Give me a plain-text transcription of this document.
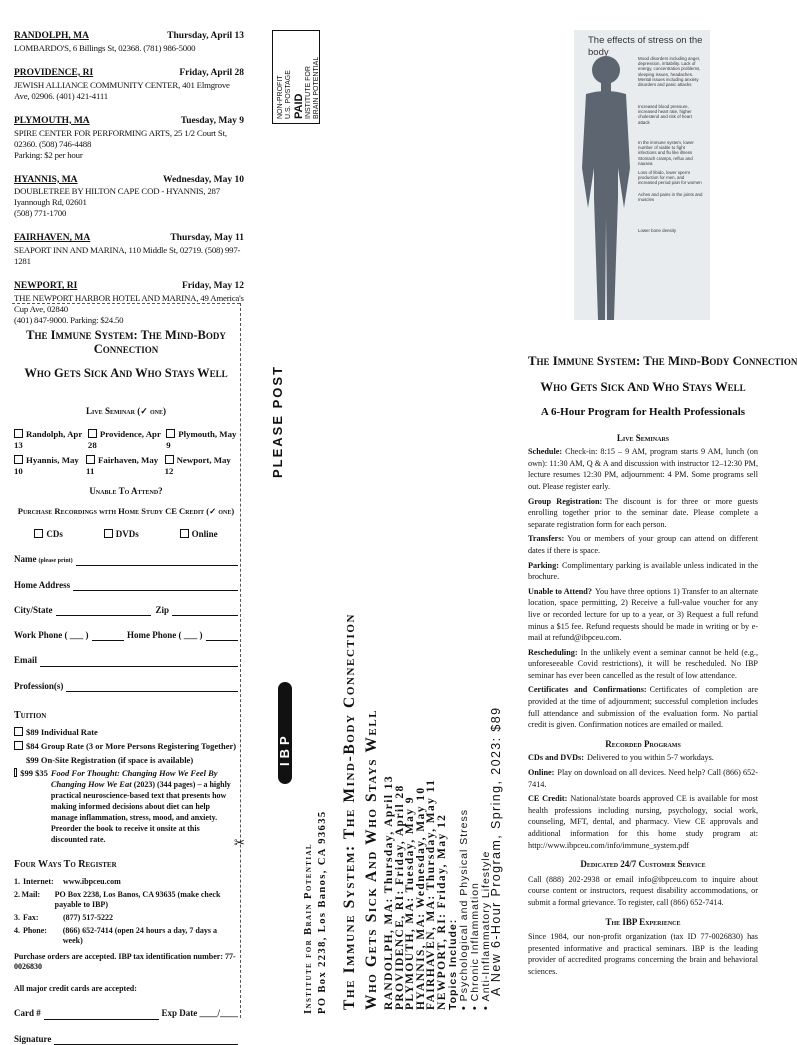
RANDOLPH, MA	Thursday, April 13
LOMBARDO'S, 6 Billings St, 02368. (781) 986-5000
PROVIDENCE, RI	Friday, April 28
JEWISH ALLIANCE COMMUNITY CENTER, 401 Elmgrove Ave, 02906. (401) 421-4111
PLYMOUTH, MA	Tuesday, May 9
SPIRE CENTER FOR PERFORMING ARTS, 25 1/2 Court St, 02360. (508) 746-4488
Parking: $2 per hour
HYANNIS, MA	Wednesday, May 10
DOUBLETREE BY HILTON CAPE COD - HYANNIS, 287 Iyannough Rd, 02601
(508) 771-1700
FAIRHAVEN, MA	Thursday, May 11
SEAPORT INN AND MARINA, 110 Middle St, 02719. (508) 997-1281
NEWPORT, RI	Friday, May 12
THE NEWPORT HARBOR HOTEL AND MARINA, 49 America's Cup Ave, 02840
(401) 847-9000. Parking: $24.50
NON-PROFIT U.S. POSTAGE PAID INSTITUTE FOR BRAIN POTENTIAL
✂
The Immune System: The Mind-Body Connection
Who Gets Sick And Who Stays Well
Live Seminar (✓ one)
Randolph, Apr 13
Providence, Apr 28
Plymouth, May 9
Hyannis, May 10
Fairhaven, May 11
Newport, May 12
Unable To Attend?
Purchase Recordings with Home Study CE Credit (✓ one)
CDs	DVDs	Online
Name (please print)
Home Address
City/State	Zip
Work Phone ( ___ )	Home Phone ( ___ )
Email
Profession(s)
Tuition
$89 Individual Rate
$84 Group Rate (3 or More Persons Registering Together)
$99 On-Site Registration (if space is available)
$99 $35 Food For Thought: Changing How We Feel By Changing How We Eat (2023) (344 pages) – a highly practical neuroscience-based text that presents how making informed decisions about diet can help manage inflammation, stress, mood, and anxiety. Preorder the book to receive it onsite at this discounted rate.
Four Ways To Register
1. Internet:	www.ibpceu.com
2. Mail:	PO Box 2238, Los Banos, CA 93635 (make check payable to IBP)
3. Fax:	(877) 517-5222
4. Phone:	(866) 652-7414 (open 24 hours a day, 7 days a week)
Purchase orders are accepted. IBP tax identification number: 77-0026830
All major credit cards are accepted:
Card #	Exp Date ____/____
Signature
PLEASE POST
Institute for Brain Potential PO Box 2238, Los Banos, CA 93635
IBP	The Immune System: The Mind-Body Connection Who Gets Sick And Who Stays Well RANDOLPH, MA: Thursday, April 13
PROVIDENCE, RI: Friday, April 28
PLYMOUTH, MA: Tuesday, May 9
HYANNIS, MA: Wednesday, May 10
FAIRHAVEN, MA: Thursday, May 11
NEWPORT, RI: Friday, May 12 Topics Include: •Psychological and Physical Stress
•Chronic Inflammation
•Anti-Inflammatory Lifestyle
A New 6-Hour Program, Spring, 2023: $89
The effects of stress on the body
Mood disorders including anger, depression, irritability. Lack of energy, concentration problems, sleeping issues, headaches. Mental issues including anxiety disorders and panic attacks
Increased blood pressure, increased heart rate, higher cholesterol and risk of heart attack
In the immune system, lower number of viable to fight infections and flu like illness
Stomach cramps, reflux and nausea
Loss of libido, lower sperm production for men, and increased period pain for women
Aches and pains in the joints and muscles
Lower bone density
The Immune System: The Mind-Body Connection
Who Gets Sick And Who Stays Well
A 6-Hour Program for Health Professionals
Live Seminars

Schedule: Check-in: 8:15 – 9 AM, program starts 9 AM, lunch (on own): 11:30 AM, Q & A and discussion with instructor 12–12:30 PM, lecture resumes 12:30 PM, adjournment: 4 PM. Some programs sell out. Please register early.

Group Registration: The discount is for three or more guests enrolling together prior to the seminar date. Please complete a separate registration form for each person.

Transfers: You or members of your group can attend on different dates if there is space.

Parking: Complimentary parking is available unless indicated in the brochure.

Unable to Attend? You have three options 1) Transfer to an alternate location, space permitting, 2) Receive a full-value voucher for any live or recorded lecture for up to a year, or 3) Request a full refund minus a $15 fee. Refund requests should be made in writing or by e-mail at refund@ibpceu.com.

Rescheduling: In the unlikely event a seminar cannot be held (e.g., unforeseeable Covid restrictions), it will be rescheduled. No IBP seminar has ever been cancelled as the result of low attendance.

Certificates and Confirmations: Certificates of completion are provided at the time of adjournment; successful completion includes full attendance and submission of the evaluation form. No partial credit is given. Confirmation notices are emailed or mailed.

Recorded Programs

CDs and DVDs: Delivered to you within 5-7 workdays.

Online: Play on download on all devices. Need help? Call (866) 652-7414.

CE Credit: National/state boards approved CE is available for most health professions including nursing, psychology, social work, counseling, MFT, dental, and pharmacy. View CE approvals and additional information for this home study program at: http://www.ibpceu.com/info/immune_system.pdf

Dedicated 24/7 Customer Service

Call (888) 202-2938 or email info@ibpceu.com to inquire about course content or instructors, request disability accommodations, or submit a formal grievance. To register, call (866) 652-7414.

The IBP Experience

Since 1984, our non-profit organization (tax ID 77-0026830) has presented informative and practical seminars. IBP is the leading provider of accredited programs concerning the brain and behavioral sciences.
